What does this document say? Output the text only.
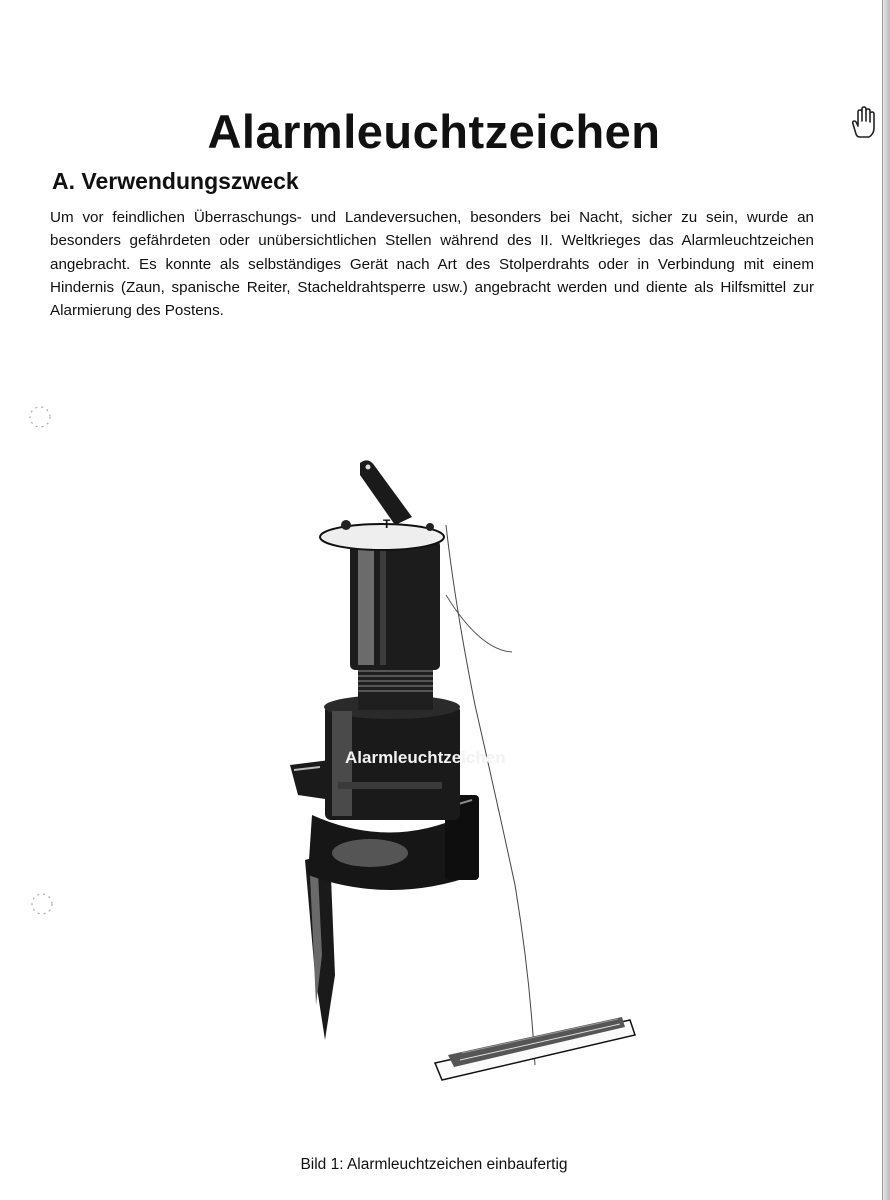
Alarmleuchtzeichen
A. Verwendungszweck

Um vor feindlichen Überraschungs- und Landeversuchen, besonders bei Nacht, sicher zu sein, wurde an besonders gefährdeten oder unübersichtlichen Stellen während des II. Weltkrieges das Alarmleuchtzeichen angebracht. Es konnte als selbständiges Gerät nach Art des Stolperdrahts oder in Verbindung mit einem Hindernis (Zaun, spanische Reiter, Stacheldrahtsperre usw.) angebracht werden und diente als Hilfsmittel zur Alarmierung des Postens.

Alarmleuchtzeichen
T

Bild 1: Alarmleuchtzeichen einbaufertig
